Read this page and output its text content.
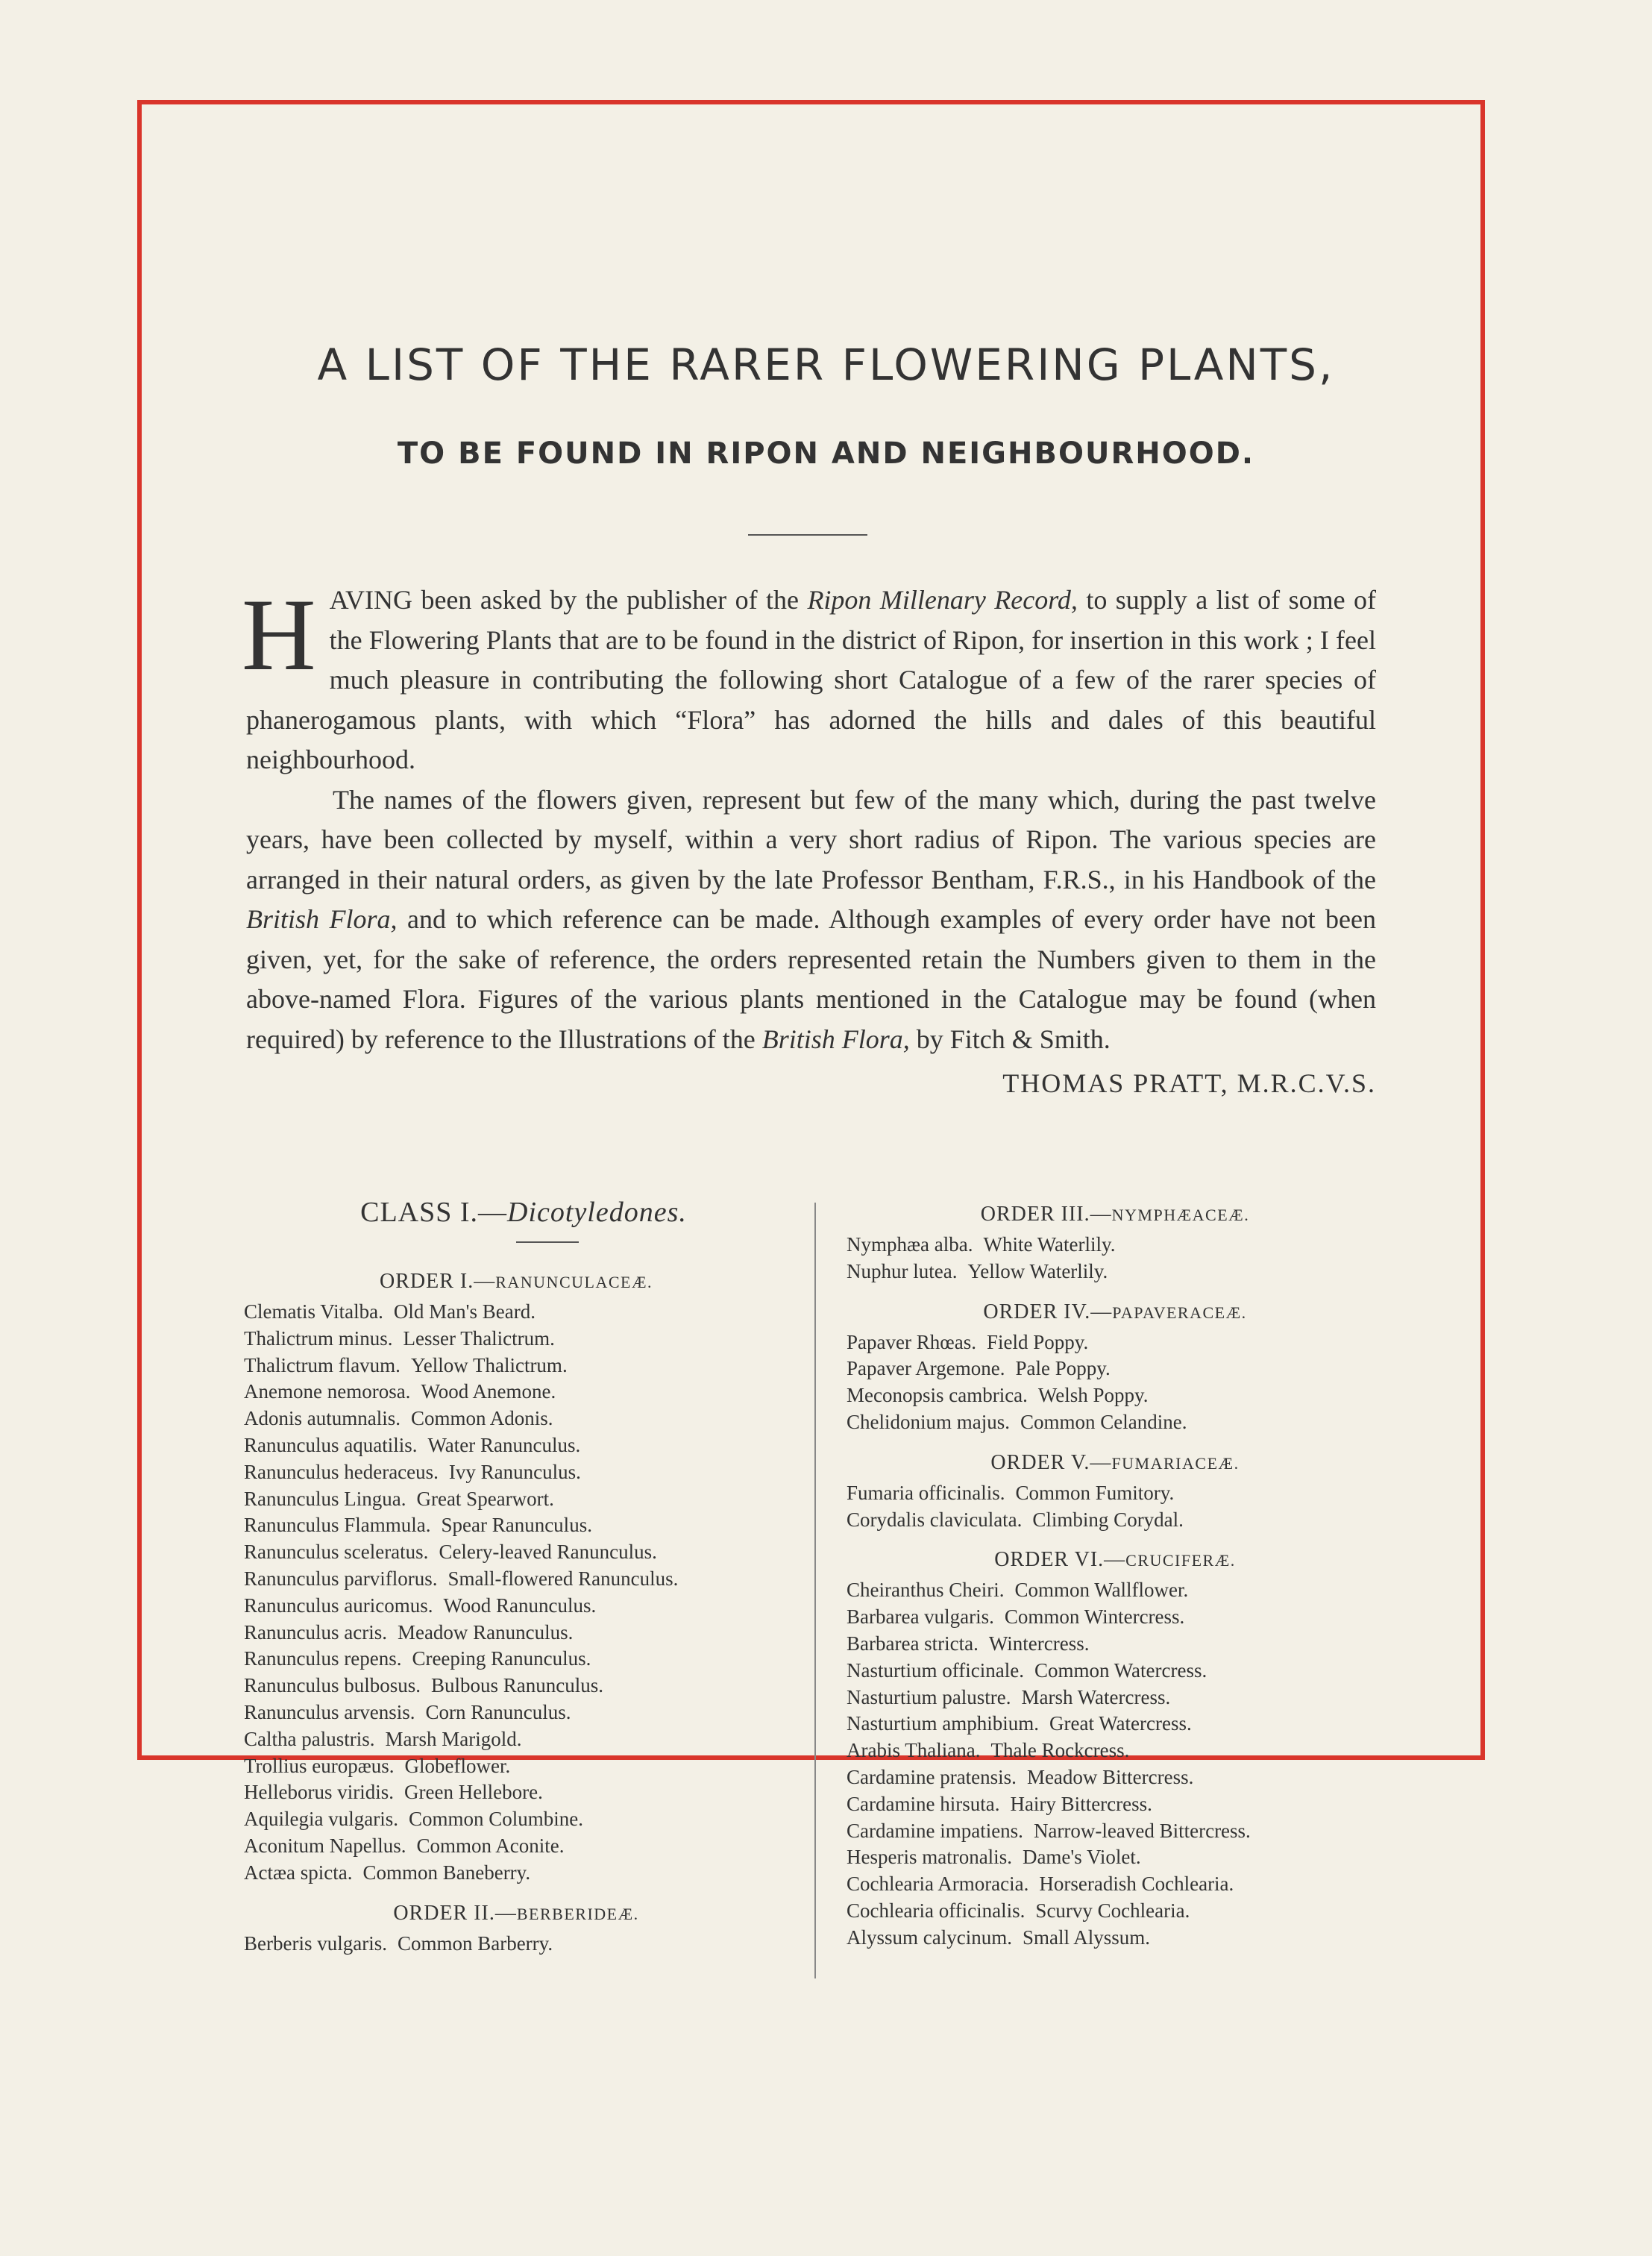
A LIST OF THE RARER FLOWERING PLANTS,
TO BE FOUND IN RIPON AND NEIGHBOURHOOD.

HAVING been asked by the publisher of the Ripon Millenary Record, to supply a list of some of the Flowering Plants that are to be found in the district of Ripon, for insertion in this work ; I feel much pleasure in contributing the following short Catalogue of a few of the rarer species of phanerogamous plants, with which “Flora” has adorned the hills and dales of this beautiful neighbourhood.

The names of the flowers given, represent but few of the many which, during the past twelve years, have been collected by myself, within a very short radius of Ripon. The various species are arranged in their natural orders, as given by the late Professor Bentham, F.R.S., in his Handbook of the British Flora, and to which reference can be made. Although examples of every order have not been given, yet, for the sake of reference, the orders represented retain the Numbers given to them in the above-named Flora. Figures of the various plants mentioned in the Catalogue may be found (when required) by reference to the Illustrations of the British Flora, by Fitch & Smith.

THOMAS PRATT, M.R.C.V.S.

CLASS I.—Dicotyledones.
ORDER I.—RANUNCULACEÆ.
Clematis Vitalba. Old Man's Beard.
Thalictrum minus. Lesser Thalictrum.
Thalictrum flavum. Yellow Thalictrum.
Anemone nemorosa. Wood Anemone.
Adonis autumnalis. Common Adonis.
Ranunculus aquatilis. Water Ranunculus.
Ranunculus hederaceus. Ivy Ranunculus.
Ranunculus Lingua. Great Spearwort.
Ranunculus Flammula. Spear Ranunculus.
Ranunculus sceleratus. Celery-leaved Ranunculus.
Ranunculus parviflorus. Small-flowered Ranunculus.
Ranunculus auricomus. Wood Ranunculus.
Ranunculus acris. Meadow Ranunculus.
Ranunculus repens. Creeping Ranunculus.
Ranunculus bulbosus. Bulbous Ranunculus.
Ranunculus arvensis. Corn Ranunculus.
Caltha palustris. Marsh Marigold.
Trollius europæus. Globeflower.
Helleborus viridis. Green Hellebore.
Aquilegia vulgaris. Common Columbine.
Aconitum Napellus. Common Aconite.
Actæa spicta. Common Baneberry.
ORDER II.—BERBERIDEÆ.
Berberis vulgaris. Common Barberry.
ORDER III.—NYMPHÆACEÆ.
Nymphæa alba. White Waterlily.
Nuphur lutea. Yellow Waterlily.
ORDER IV.—PAPAVERACEÆ.
Papaver Rhœas. Field Poppy.
Papaver Argemone. Pale Poppy.
Meconopsis cambrica. Welsh Poppy.
Chelidonium majus. Common Celandine.
ORDER V.—FUMARIACEÆ.
Fumaria officinalis. Common Fumitory.
Corydalis claviculata. Climbing Corydal.
ORDER VI.—CRUCIFERÆ.
Cheiranthus Cheiri. Common Wallflower.
Barbarea vulgaris. Common Wintercress.
Barbarea stricta. Wintercress.
Nasturtium officinale. Common Watercress.
Nasturtium palustre. Marsh Watercress.
Nasturtium amphibium. Great Watercress.
Arabis Thaliana. Thale Rockcress.
Cardamine pratensis. Meadow Bittercress.
Cardamine hirsuta. Hairy Bittercress.
Cardamine impatiens. Narrow-leaved Bittercress.
Hesperis matronalis. Dame's Violet.
Cochlearia Armoracia. Horseradish Cochlearia.
Cochlearia officinalis. Scurvy Cochlearia.
Alyssum calycinum. Small Alyssum.
